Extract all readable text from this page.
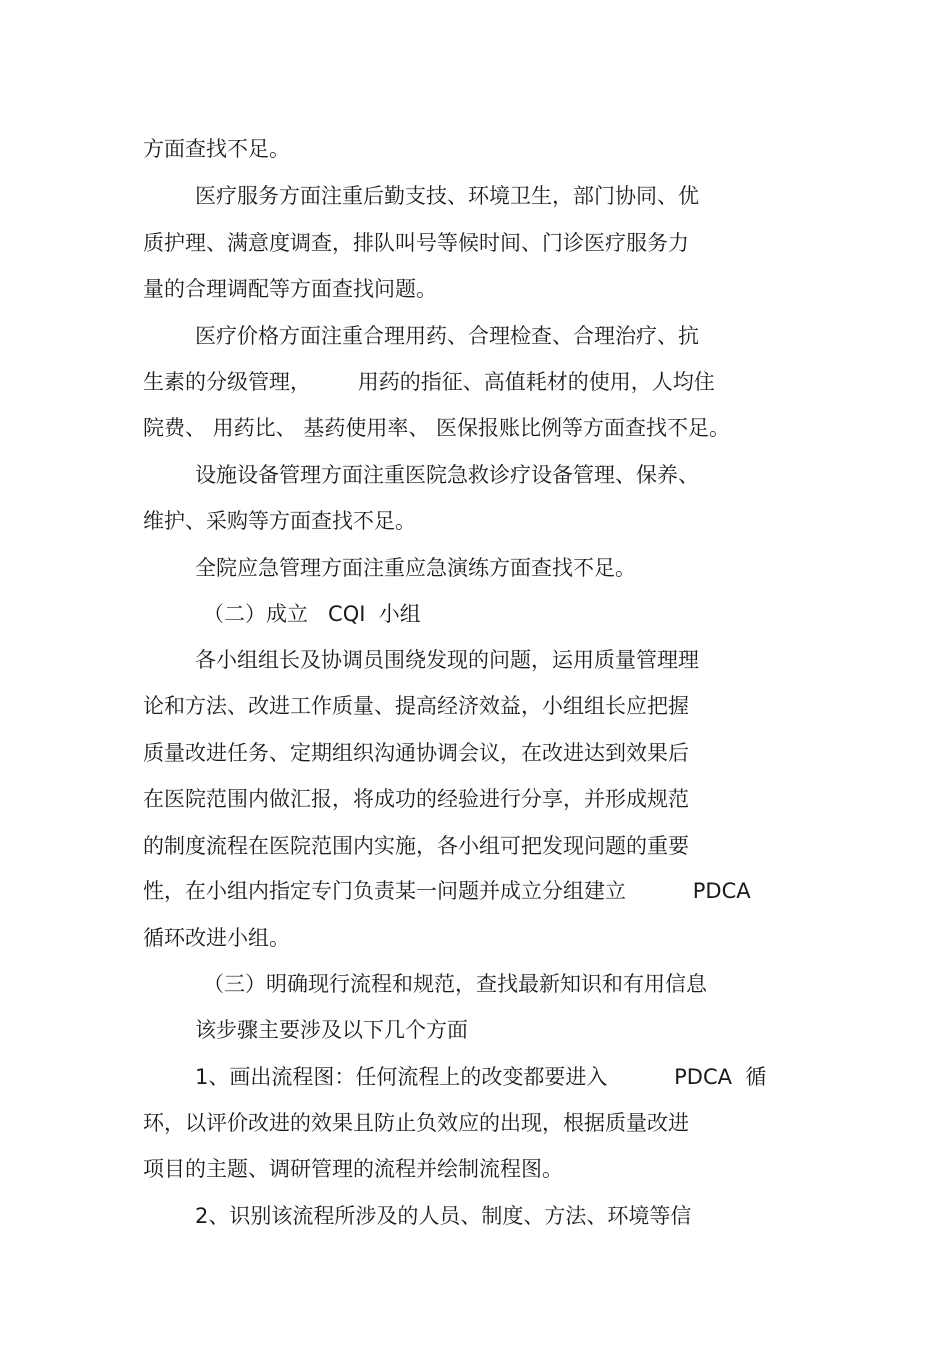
方面查找不足。

医疗服务方面注重后勤支技、环境卫生，部门协同、优

质护理、满意度调查，排队叫号等候时间、门诊医疗服务力

量的合理调配等方面查找问题。

医疗价格方面注重合理用药、合理检查、合理治疗、抗

生素的分级管理，       用药的指征、高值耗材的使用，人均住

院费、 用药比、 基药使用率、 医保报账比例等方面查找不足。

设施设备管理方面注重医院急救诊疗设备管理、保养、

维护、采购等方面查找不足。

全院应急管理方面注重应急演练方面查找不足。

（二）成立   CQI  小组

各小组组长及协调员围绕发现的问题，运用质量管理理

论和方法、改进工作质量、提高经济效益，小组组长应把握

质量改进任务、定期组织沟通协调会议，在改进达到效果后

在医院范围内做汇报，将成功的经验进行分享，并形成规范

的制度流程在医院范围内实施，各小组可把发现问题的重要

性，在小组内指定专门负责某一问题并成立分组建立          PDCA

循环改进小组。

（三）明确现行流程和规范，查找最新知识和有用信息

该步骤主要涉及以下几个方面

1、画出流程图：任何流程上的改变都要进入          PDCA  循

环，以评价改进的效果且防止负效应的出现，根据质量改进

项目的主题、调研管理的流程并绘制流程图。

2、识别该流程所涉及的人员、制度、方法、环境等信
